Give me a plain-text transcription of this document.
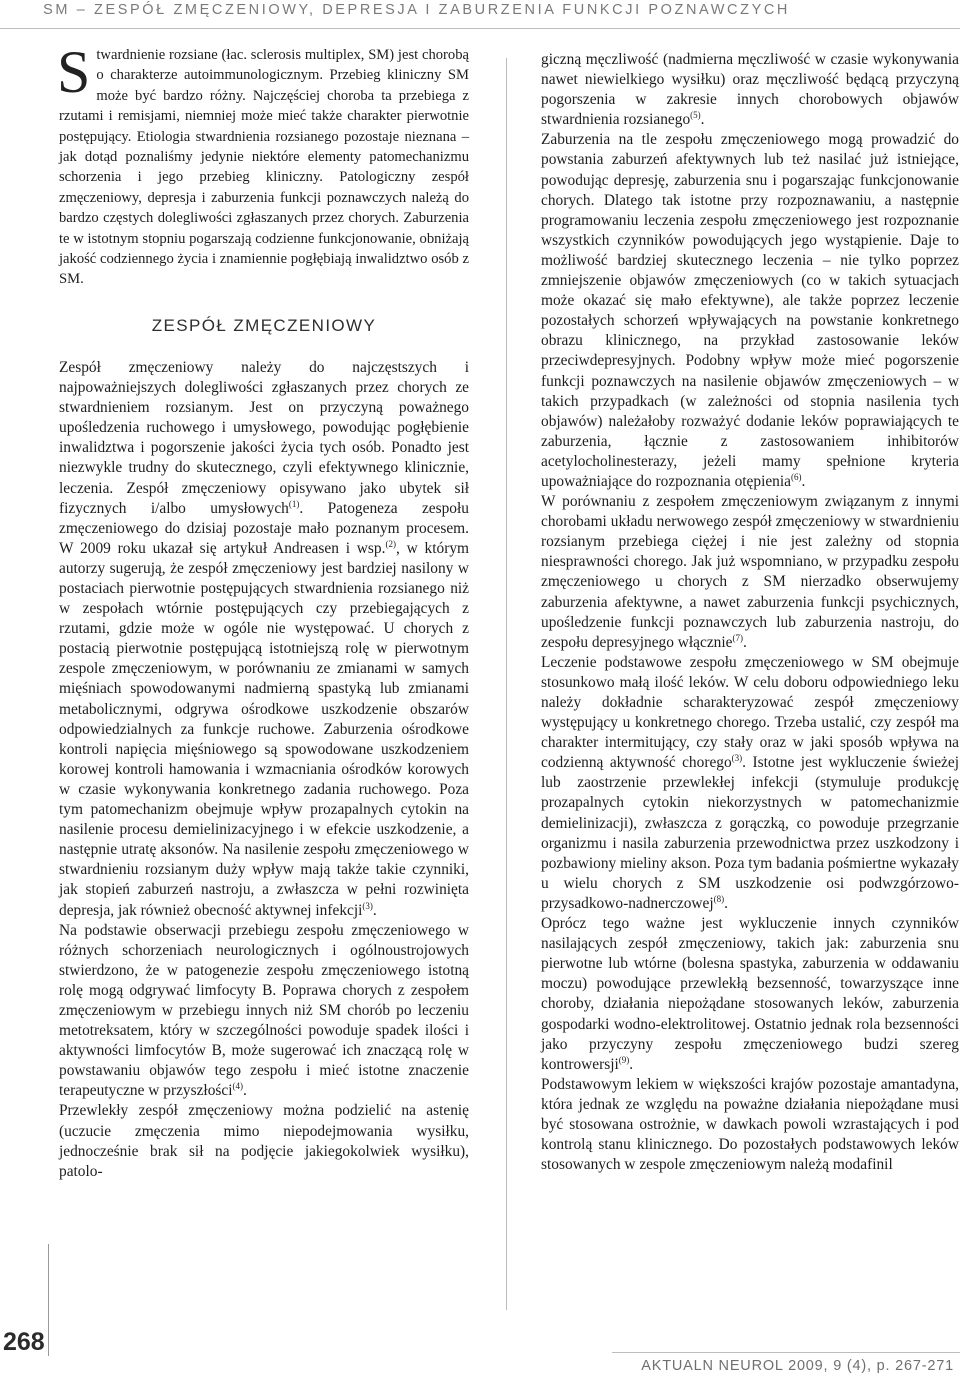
SM – ZESPÓŁ ZMĘCZENIOWY, DEPRESJA I ZABURZENIA FUNKCJI POZNAWCZYCH
S twardnienie rozsiane (łac. sclerosis multiplex, SM) jest chorobą o charakterze autoimmunologicznym. Przebieg kliniczny SM może być bardzo różny. Najczęściej choroba ta przebiega z rzutami i remisjami, niemniej może mieć także charakter pierwotnie postępujący. Etiologia stwardnienia rozsianego pozostaje nieznana – jak dotąd poznaliśmy jedynie niektóre elementy patomechanizmu schorzenia i jego przebieg kliniczny. Patologiczny zespół zmęczeniowy, depresja i zaburzenia funkcji poznawczych należą do bardzo częstych dolegliwości zgłaszanych przez chorych. Zaburzenia te w istotnym stopniu pogarszają codzienne funkcjonowanie, obniżają jakość codziennego życia i znamiennie pogłębiają inwalidztwo osób z SM.
ZESPÓŁ ZMĘCZENIOWY

Zespół zmęczeniowy należy do najczęstszych i najpoważniejszych dolegliwości zgłaszanych przez chorych ze stwardnieniem rozsianym. Jest on przyczyną poważnego upośledzenia ruchowego i umysłowego, powodując pogłębienie inwalidztwa i pogorszenie jakości życia tych osób. Ponadto jest niezwykle trudny do skutecznego, czyli efektywnego klinicznie, leczenia. Zespół zmęczeniowy opisywano jako ubytek sił fizycznych i/albo umysłowych$^{(1)}$. Patogeneza zespołu zmęczeniowego do dzisiaj pozostaje mało poznanym procesem. W 2009 roku ukazał się artykuł Andreasen i wsp.$^{(2)}$, w którym autorzy sugerują, że zespół zmęczeniowy jest bardziej nasilony w postaciach pierwotnie postępujących stwardnienia rozsianego niż w zespołach wtórnie postępujących czy przebiegających z rzutami, gdzie może w ogóle nie występować. U chorych z postacią pierwotnie postępującą istotniejszą rolę w pierwotnym zespole zmęczeniowym, w porównaniu ze zmianami w samych mięśniach spowodowanymi nadmierną spastyką lub zmianami metabolicznymi, odgrywa ośrodkowe uszkodzenie obszarów odpowiedzialnych za funkcje ruchowe. Zaburzenia ośrodkowe kontroli napięcia mięśniowego są spowodowane uszkodzeniem korowej kontroli hamowania i wzmacniania ośrodków korowych w czasie wykonywania konkretnego zadania ruchowego. Poza tym patomechanizm obejmuje wpływ prozapalnych cytokin na nasilenie procesu demielinizacyjnego i w efekcie uszkodzenie, a następnie utratę aksonów. Na nasilenie zespołu zmęczeniowego w stwardnieniu rozsianym duży wpływ mają także takie czynniki, jak stopień zaburzeń nastroju, a zwłaszcza w pełni rozwinięta depresja, jak również obecność aktywnej infekcji$^{(3)}$.

Na podstawie obserwacji przebiegu zespołu zmęczeniowego w różnych schorzeniach neurologicznych i ogólnoustrojowych stwierdzono, że w patogenezie zespołu zmęczeniowego istotną rolę mogą odgrywać limfocyty B. Poprawa chorych z zespołem zmęczeniowym w przebiegu innych niż SM chorób po leczeniu metotreksatem, który w szczególności powoduje spadek ilości i aktywności limfocytów B, może sugerować ich znaczącą rolę w powstawaniu objawów tego zespołu i mieć istotne znaczenie terapeutyczne w przyszłości$^{(4)}$.

Przewlekły zespół zmęczeniowy można podzielić na astenię (uczucie zmęczenia mimo niepodejmowania wysiłku, jednocześnie brak sił na podjęcie jakiegokolwiek wysiłku), patolo-

giczną męczliwość (nadmierna męczliwość w czasie wykonywania nawet niewielkiego wysiłku) oraz męczliwość będącą przyczyną pogorszenia w zakresie innych chorobowych objawów stwardnienia rozsianego$^{(5)}$.

Zaburzenia na tle zespołu zmęczeniowego mogą prowadzić do powstania zaburzeń afektywnych lub też nasilać już istniejące, powodując depresję, zaburzenia snu i pogarszając funkcjonowanie chorych. Dlatego tak istotne przy rozpoznawaniu, a następnie programowaniu leczenia zespołu zmęczeniowego jest rozpoznanie wszystkich czynników powodujących jego wystąpienie. Daje to możliwość bardziej skutecznego leczenia – nie tylko poprzez zmniejszenie objawów zmęczeniowych (co w takich sytuacjach może okazać się mało efektywne), ale także poprzez leczenie pozostałych schorzeń wpływających na powstanie konkretnego obrazu klinicznego, na przykład zastosowanie leków przeciwdepresyjnych. Podobny wpływ może mieć pogorszenie funkcji poznawczych na nasilenie objawów zmęczeniowych – w takich przypadkach (w zależności od stopnia nasilenia tych objawów) należałoby rozważyć dodanie leków poprawiających te zaburzenia, łącznie z zastosowaniem inhibitorów acetylocholinesterazy, jeżeli mamy spełnione kryteria upoważniające do rozpoznania otępienia$^{(6)}$.

W porównaniu z zespołem zmęczeniowym związanym z innymi chorobami układu nerwowego zespół zmęczeniowy w stwardnieniu rozsianym przebiega ciężej i nie jest zależny od stopnia niesprawności chorego. Jak już wspomniano, w przypadku zespołu zmęczeniowego u chorych z SM nierzadko obserwujemy zaburzenia afektywne, a nawet zaburzenia funkcji psychicznych, upośledzenie funkcji poznawczych lub zaburzenia nastroju, do zespołu depresyjnego włącznie$^{(7)}$.

Leczenie podstawowe zespołu zmęczeniowego w SM obejmuje stosunkowo małą ilość leków. W celu doboru odpowiedniego leku należy dokładnie scharakteryzować zespół zmęczeniowy występujący u konkretnego chorego. Trzeba ustalić, czy zespół ma charakter intermitujący, czy stały oraz w jaki sposób wpływa na codzienną aktywność chorego$^{(3)}$. Istotne jest wykluczenie świeżej lub zaostrzenie przewlekłej infekcji (stymuluje produkcję prozapalnych cytokin niekorzystnych w patomechanizmie demielinizacji), zwłaszcza z gorączką, co powoduje przegrzanie organizmu i nasila zaburzenia przewodnictwa przez uszkodzony i pozbawiony mieliny akson. Poza tym badania pośmiertne wykazały u wielu chorych z SM uszkodzenie osi podwzgórzowo-przysadkowo-nadnerczowej$^{(8)}$.

Oprócz tego ważne jest wykluczenie innych czynników nasilających zespół zmęczeniowy, takich jak: zaburzenia snu pierwotne lub wtórne (bolesna spastyka, zaburzenia w oddawaniu moczu) powodujące przewlekłą bezsenność, towarzyszące inne choroby, działania niepożądane stosowanych leków, zaburzenia gospodarki wodno-elektrolitowej. Ostatnio jednak rola bezsenności jako przyczyny zespołu zmęczeniowego budzi szereg kontrowersji$^{(9)}$.

Podstawowym lekiem w większości krajów pozostaje amantadyna, która jednak ze względu na poważne działania niepożądane musi być stosowana ostrożnie, w dawkach powoli wzrastających i pod kontrolą stanu klinicznego. Do pozostałych podstawowych leków stosowanych w zespole zmęczeniowym należą modafinil

268
AKTUALN NEUROL 2009, 9 (4), p. 267-271
